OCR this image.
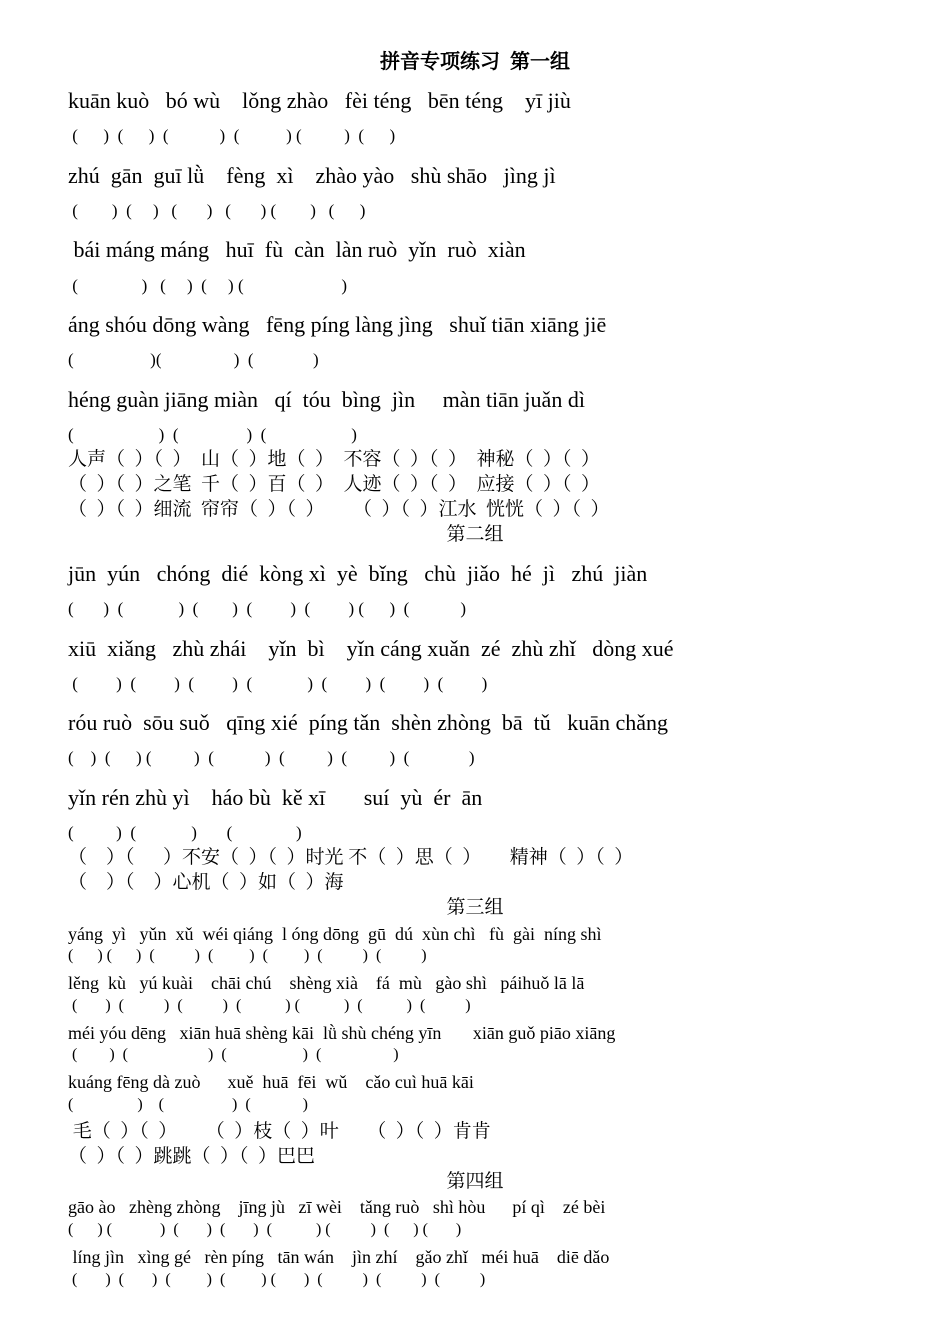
拼音专项练习  第一组
kuān kuò   bó wù    lǒng zhào   fèi téng   bēn téng    yī jiù
(      )  (      )  (            )  (           ) (          )  (      )
zhú  gān  guī lǜ    fèng  xì    zhào yào   shù shāo   jìng jì
(        )  (     )   (       )   (       ) (        )   (      )
bái máng máng   huī  fù  càn  làn ruò  yǐn  ruò  xiàn
(               )   (     )  (     ) (                       )
áng shóu dōng wàng   fēng píng làng jìng   shuǐ tiān xiāng jiē
(                  )(                 )  (              )
héng guàn jiāng miàn   qí  tóu  bìng  jìn     màn tiān juǎn dì
(                    )  (                )  (                    )
人声（  ）（  ）  山（  ）地（  ）  不容（  ）（  ）  神秘（  ）（  ）
（  ）（  ）之笔  千（  ）百（  ）  人迹（  ）（  ）  应接（  ）（  ）
（  ）（  ）细流  帘帘（  ）（  ）      （  ）（  ）江水  恍恍（  ）（  ）
第二组
jūn  yún   chóng  dié  kòng xì  yè  bǐng   chù  jiǎo  hé  jì   zhú  jiàn
(       )  (             )  (        )  (         )  (         ) (      )  (            )
xiū  xiǎng   zhù zhái    yǐn  bì    yǐn cáng xuǎn  zé  zhù zhǐ   dòng xué
(         )  (         )  (         )  (             )  (         )  (         )  (         )
róu ruò  sōu suǒ   qīng xié  píng tǎn  shèn zhòng  bā  tǔ   kuān chǎng
(    )  (      ) (          )  (            )  (          )  (          )  (              )
yǐn rén zhù yì    háo bù  kě xī       suí  yù  ér  ān
(          )  (             )       (               )
（    ）（      ）不安（  ）（  ）时光 不（  ）思（  ）      精神（  ）（  ）
（    ）（    ）心机（  ）如（  ）海
第三组
yáng  yì   yǔn  xǔ  wéi qiáng  l óng dōng  gū  dú  xùn chì   fù  gài  níng shì
(      ) (      )  (          )  (         )  (         )  (          )  (          )
lěng  kù   yú kuài    chāi chú    shèng xià    fá  mù   gào shì   páihuǒ lā lā
(       )  (          )  (          )  (           ) (           )  (           )  (          )
méi yóu dēng   xiān huā shèng kāi  lǜ shù chéng yīn       xiān guǒ piāo xiāng
(        )  (                    )  (                   )  (                  )
kuáng fēng dà zuò      xuě  huā  fēi  wǔ    cǎo cuì huā kāi
(                )    (                 )  (             )
毛（  ）（  ）      （  ）枝（  ）叶      （  ）（  ）肯肯
（  ）（  ）跳跳（  ）（  ）巴巴
第四组
gāo ào   zhèng zhòng    jīng jù   zī wèi    tǎng ruò   shì hòu      pí qì    zé bèi
(      ) (            )  (       )  (       )  (           ) (          )  (      ) (       )
líng jìn   xìng gé   rèn píng   tān wán    jìn zhí    gǎo zhǐ   méi huā    diē dǎo
(       )  (       )  (         )  (         ) (       )  (          )  (          )  (          )
